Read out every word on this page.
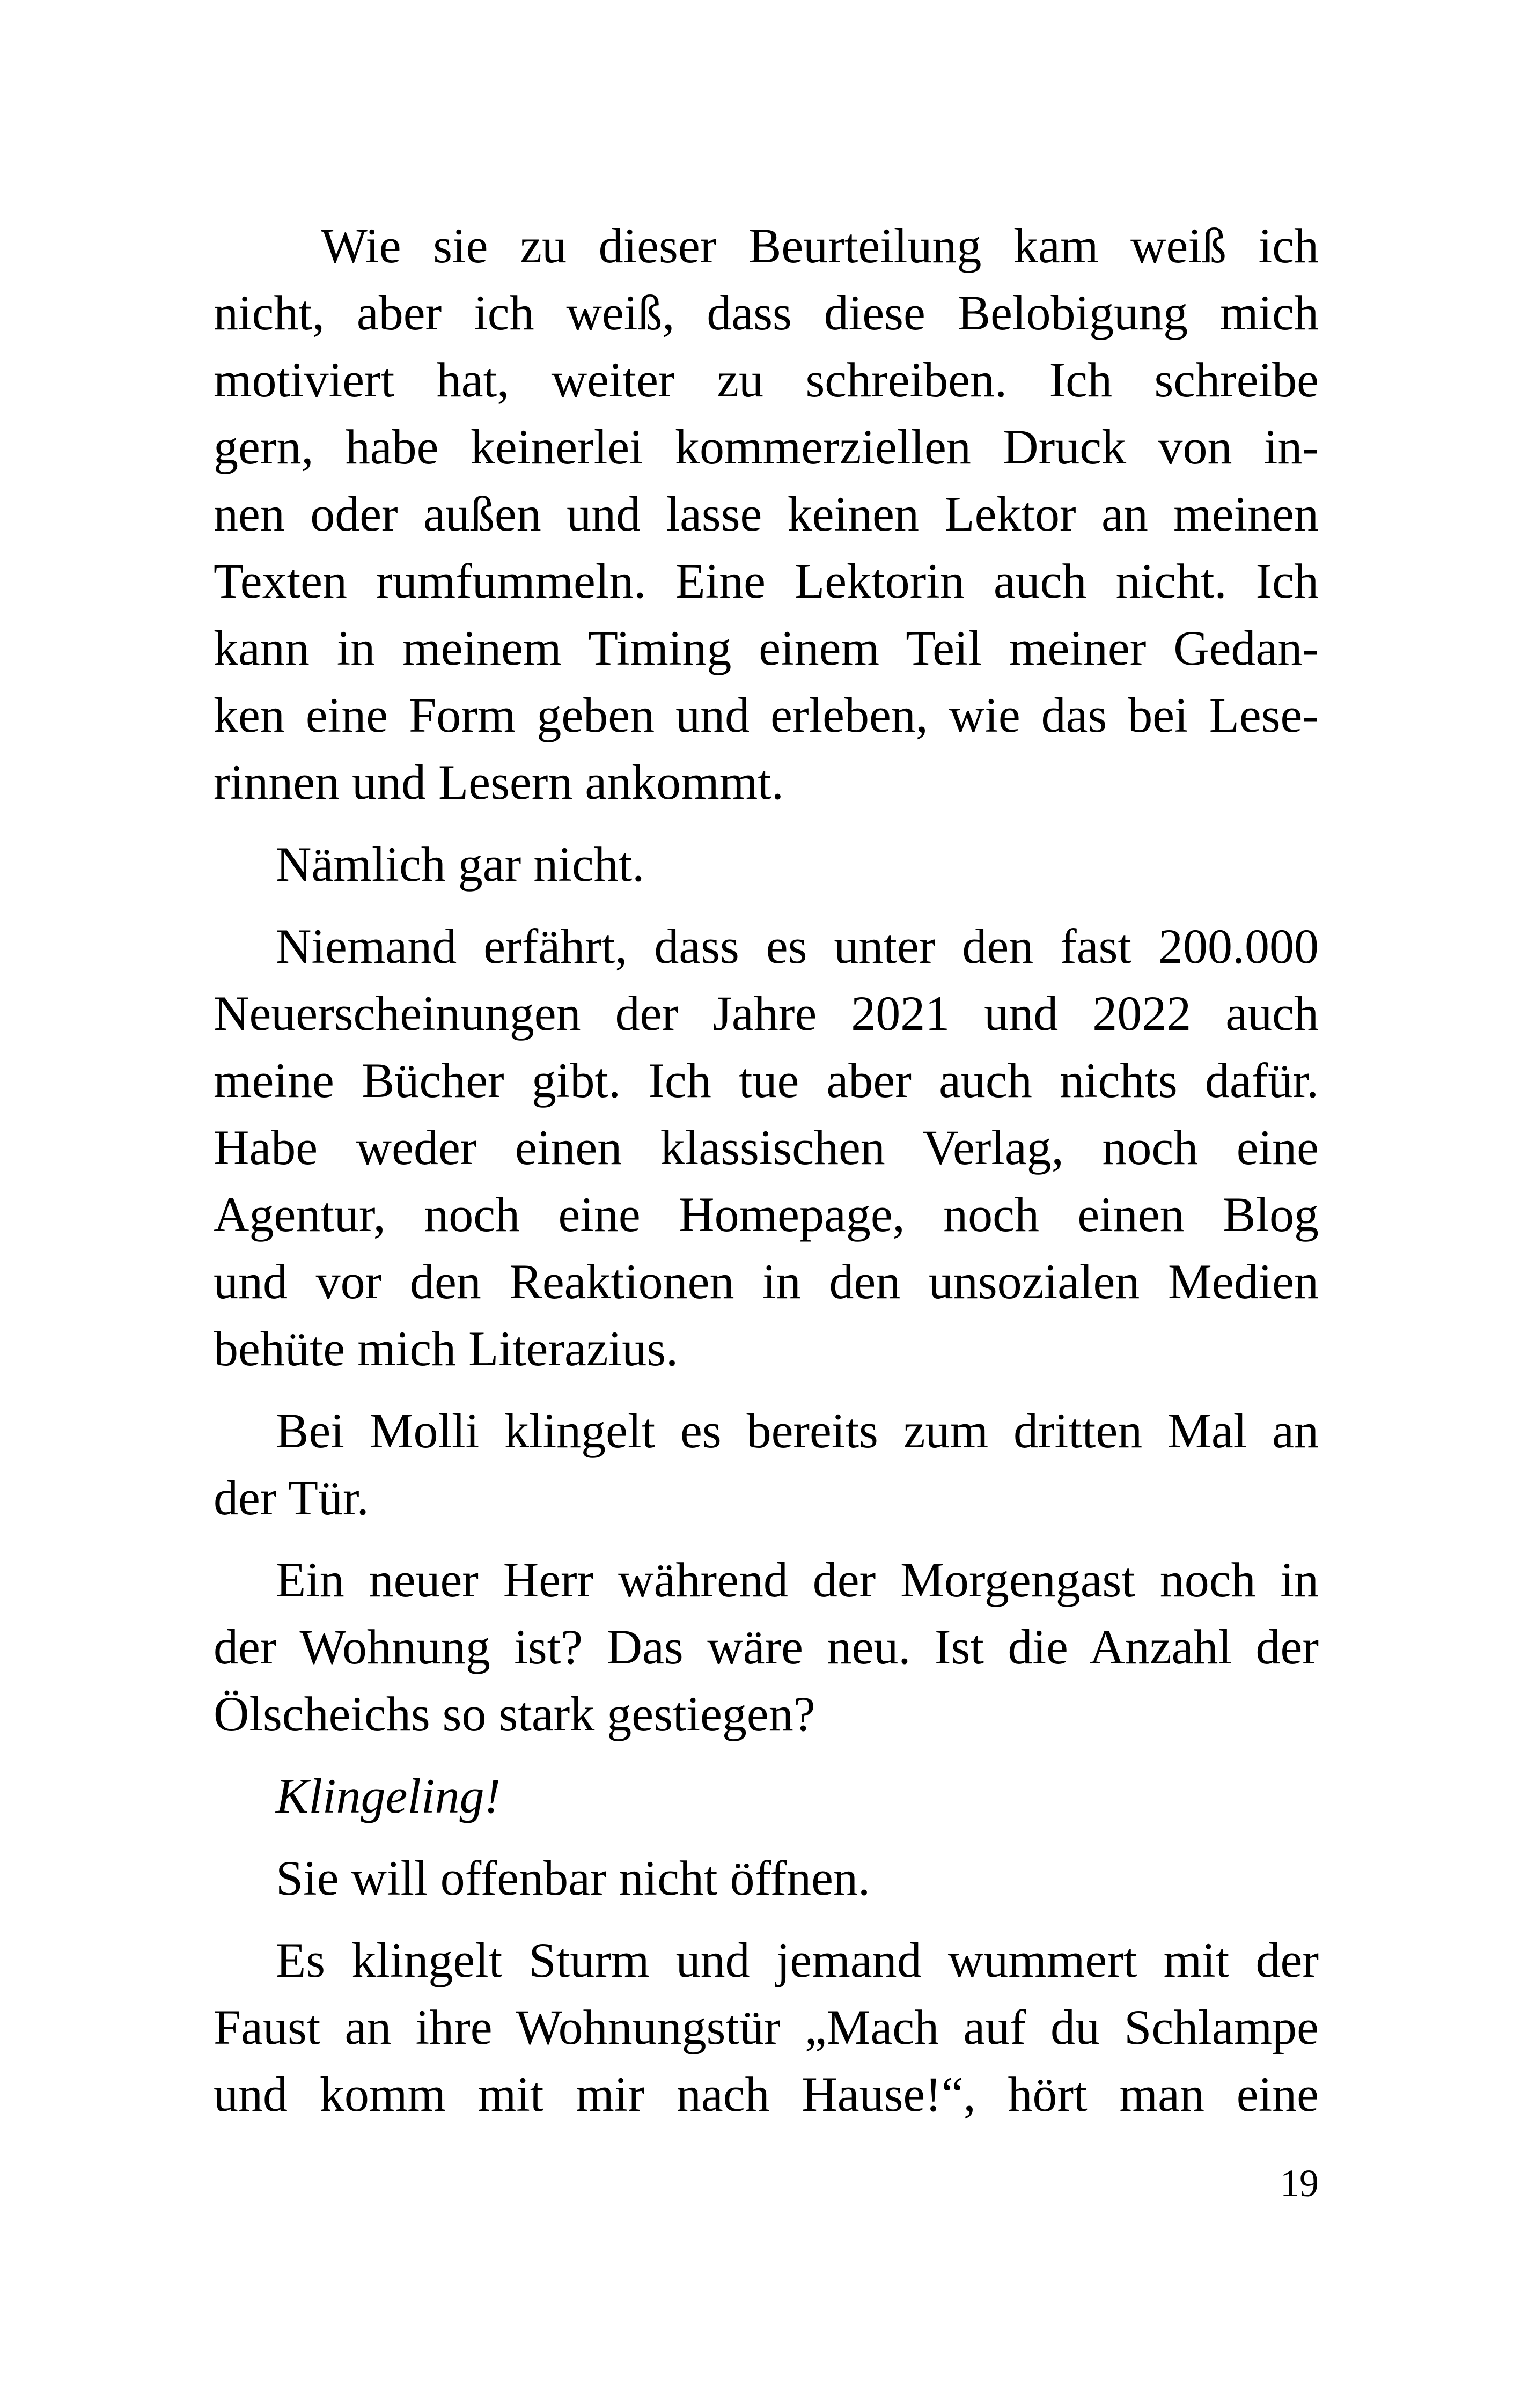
Wie sie zu dieser Beurteilung kam weiß ich
nicht, aber ich weiß, dass diese Belobigung mich
motiviert hat, weiter zu schreiben. Ich schreibe
gern, habe keinerlei kommerziellen Druck von in-
nen oder außen und lasse keinen Lektor an meinen
Texten rumfummeln. Eine Lektorin auch nicht. Ich
kann in meinem Timing einem Teil meiner Gedan-
ken eine Form geben und erleben, wie das bei Lese-
rinnen und Lesern ankommt.
Nämlich gar nicht.
Niemand erfährt, dass es unter den fast 200.000
Neuerscheinungen der Jahre 2021 und 2022 auch
meine Bücher gibt. Ich tue aber auch nichts dafür.
Habe weder einen klassischen Verlag, noch eine
Agentur, noch eine Homepage, noch einen Blog
und vor den Reaktionen in den unsozialen Medien
behüte mich Literazius.
Bei Molli klingelt es bereits zum dritten Mal an
der Tür.
Ein neuer Herr während der Morgengast noch in
der Wohnung ist? Das wäre neu. Ist die Anzahl der
Ölscheichs so stark gestiegen?
Klingeling!
Sie will offenbar nicht öffnen.
Es klingelt Sturm und jemand wummert mit der
Faust an ihre Wohnungstür „Mach auf du Schlampe
und komm mit mir nach Hause!“, hört man eine
19
